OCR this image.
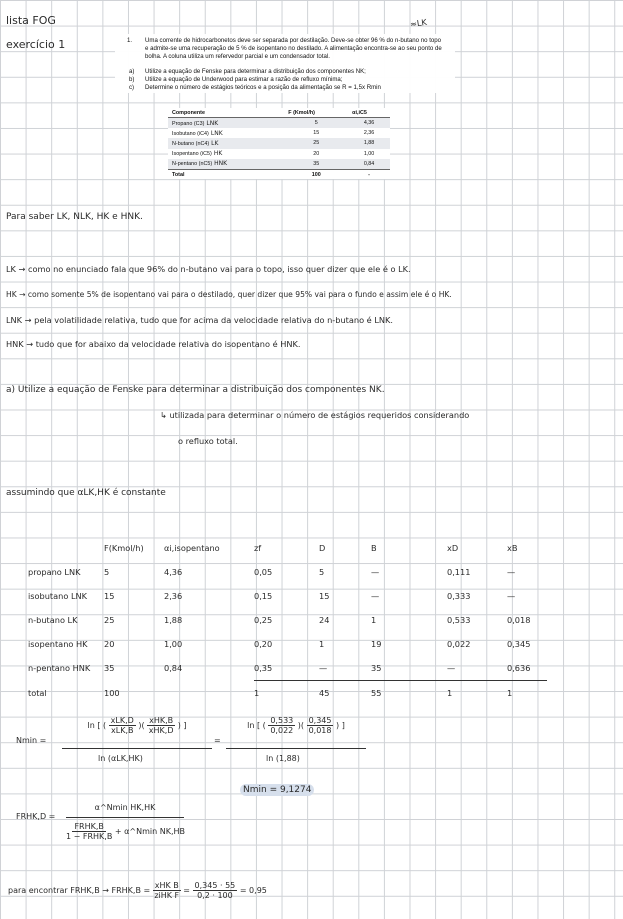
lista FOG
exercício 1
≈LK
1. Uma corrente de hidrocarbonetos deve ser separada por destilação. Deve-se obter 96 % do n-butano no topo e admite-se uma recuperação de 5 % de isopentano no destilado. A alimentação encontra-se ao seu ponto de bolha. A coluna utiliza um refervedor parcial e um condensador total.
a)	Utilize a equação de Fenske para determinar a distribuição dos componentes NK;
b)	Utilize a equação de Underwood para estimar a razão de refluxo mínima;
c)	Determine o número de estágios teóricos e a posição da alimentação se R = 1,5x Rmin
Componente	F (Kmol/h)	αi,iC5
Propano (C3) LNK	5	4,36
Isobutano (iC4) LNK	15	2,36
N-butano (nC4) LK	25	1,88
Isopentano (iC5) HK	20	1,00
N-pentano (nC5) HNK	35	0,84
Total	100	-
Para saber LK, NLK, HK e HNK.
LK → como no enunciado fala que 96% do n-butano vai para o topo, isso quer dizer que ele é o LK.
HK → como somente 5% de isopentano vai para o destilado, quer dizer que 95% vai para o fundo e assim ele é o HK.
LNK → pela volatilidade relativa, tudo que for acima da velocidade relativa do n-butano é LNK.
HNK → tudo que for abaixo da velocidade relativa do isopentano é HNK.
a) Utilize a equação de Fenske para determinar a distribuição dos componentes NK.
↳ utilizada para determinar o número de estágios requeridos considerando
o refluxo total.
assumindo que αLK,HK é constante
	F(Kmol/h)	αi,isopentano	zf	D	B	xD	xB
propano LNK	5	4,36	0,05	5	—	0,111	—
isobutano LNK	15	2,36	0,15	15	—	0,333	—
n-butano LK	25	1,88	0,25	24	1	0,533	0,018
isopentano HK	20	1,00	0,20	1	19	0,022	0,345
n-pentano HNK	35	0,84	0,35	—	35	—	0,636
total	100		1	45	55	1	1
Nmin =
ln [ ( $\frac{\text{xLK,D}}{\text{xLK,B}}$ )( $\frac{\text{xHK,B}}{\text{xHK,D}}$ ) ]
ln (αLK,HK)
=
ln [ ( $\frac{0,533}{0,022}$ )( $\frac{0,345}{0,018}$ ) ]
ln (1,88)
Nmin = 9,1274
FRHK,D =
α^Nmin HK,HK
$\frac{\text{FRHK,B}}{\text{1 − FRHK,B}}$ + α^Nmin NK,HB
para encontrar FRHK,B → FRHK,B = $\frac{\text{xHK B}}{\text{ziHK F}} = \frac{0,345 \cdot 55}{0,2 \cdot 100} = 0,95$
